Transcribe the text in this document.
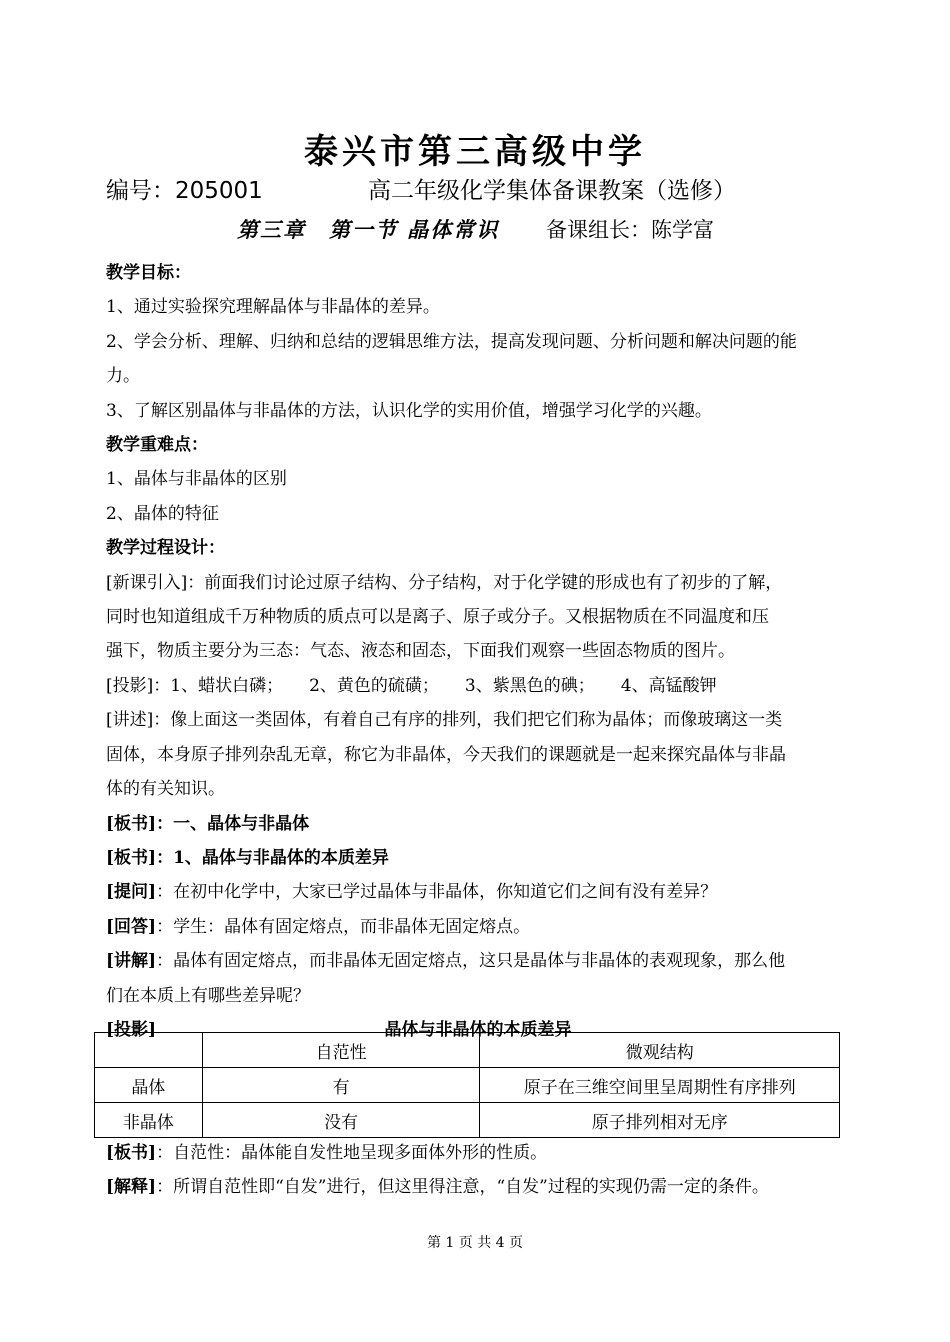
泰兴市第三高级中学
编号：205001	高二年级化学集体备课教案（选修）
第三章　第一节 晶体常识 备课组长：陈学富

教学目标：

1、通过实验探究理解晶体与非晶体的差异。

2、学会分析、理解、归纳和总结的逻辑思维方法，提高发现问题、分析问题和解决问题的能

力。

3、了解区别晶体与非晶体的方法，认识化学的实用价值，增强学习化学的兴趣。

教学重难点：

1、晶体与非晶体的区别

2、晶体的特征

教学过程设计：

[新课引入]：前面我们讨论过原子结构、分子结构，对于化学键的形成也有了初步的了解，

同时也知道组成千万种物质的质点可以是离子、原子或分子。又根据物质在不同温度和压

强下，物质主要分为三态：气态、液态和固态，下面我们观察一些固态物质的图片。

[投影]：1、蜡状白磷； 2、黄色的硫磺； 3、紫黑色的碘； 4、高锰酸钾

[讲述]：像上面这一类固体，有着自己有序的排列，我们把它们称为晶体；而像玻璃这一类

固体，本身原子排列杂乱无章，称它为非晶体，今天我们的课题就是一起来探究晶体与非晶

体的有关知识。

[板书]：一、晶体与非晶体

[板书]：1、晶体与非晶体的本质差异

[提问]：在初中化学中，大家已学过晶体与非晶体，你知道它们之间有没有差异？

[回答]：学生：晶体有固定熔点，而非晶体无固定熔点。

[讲解]：晶体有固定熔点，而非晶体无固定熔点，这只是晶体与非晶体的表观现象，那么他

们在本质上有哪些差异呢？

[投影]	晶体与非晶体的本质差异
	自范性	微观结构
晶体	有	原子在三维空间里呈周期性有序排列
非晶体	没有	原子排列相对无序

[板书]：自范性：晶体能自发性地呈现多面体外形的性质。

[解释]：所谓自范性即“自发”进行，但这里得注意，“自发”过程的实现仍需一定的条件。

第 1 页 共 4 页
